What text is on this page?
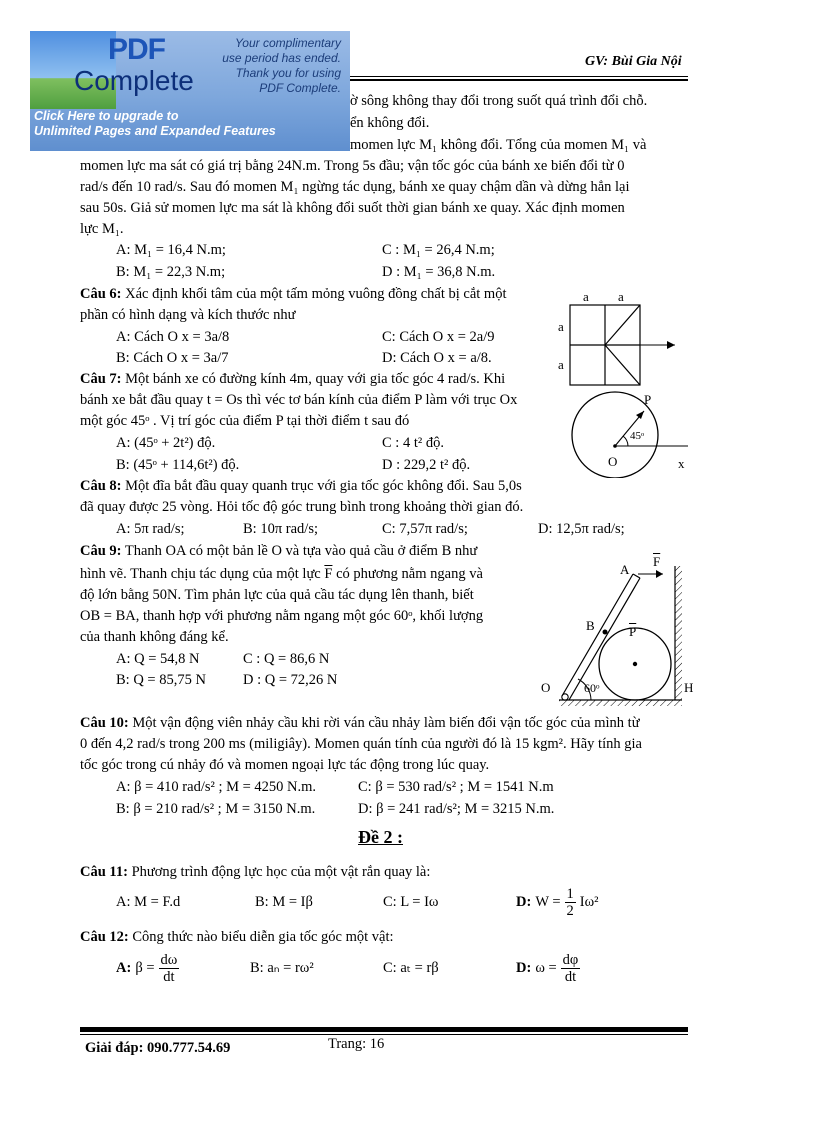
GV: Bùi Gia Nội
PDF
Complete
Your complimentary
use period has ended.
Thank you for using
PDF Complete.
Click Here to upgrade to
Unlimited Pages and Expanded Features
ờ sông không thay đổi trong suốt quá trình đổi chỗ.
ển không đổi.
momen lực M₁ không đổi. Tổng của momen M₁ và
momen lực ma sát có giá trị bằng 24N.m. Trong 5s đầu; vận tốc góc của bánh xe biến đổi từ 0
rad/s đến 10 rad/s. Sau đó momen M₁ ngừng tác dụng, bánh xe quay chậm dần và dừng hẳn lại
sau 50s. Giả sử momen lực ma sát là không đổi suốt thời gian bánh xe quay. Xác định momen
lực M₁.
A: M₁ = 16,4 N.m;	C : M₁ = 26,4 N.m;
B: M₁ = 22,3 N.m;	D : M₁ = 36,8 N.m.
Câu 6: Xác định khối tâm của một tấm mỏng vuông đồng chất bị cắt một
phần có hình dạng và kích thước như
A: Cách O x = 3a/8	C: Cách O x = 2a/9
B: Cách O x = 3a/7	D: Cách O x = a/8.
a a
a
a
Câu 7: Một bánh xe có đường kính 4m, quay với gia tốc góc 4 rad/s. Khi
bánh xe bắt đầu quay t = Os thì véc tơ bán kính của điểm P làm với trục Ox
một góc 45ᵒ . Vị trí góc của điểm P tại thời điểm t sau đó
A: (45ᵒ + 2t²) độ.	C : 4 t² độ.
B: (45ᵒ + 114,6t²) độ.	D : 229,2 t² độ.
P
O	x
45ᵒ
Câu 8: Một đĩa bắt đầu quay quanh trục với gia tốc góc không đổi. Sau 5,0s
đã quay được 25 vòng. Hỏi tốc độ góc trung bình trong khoảng thời gian đó.
A: 5π rad/s;	B: 10π rad/s;	C: 7,57π rad/s;	D: 12,5π rad/s;
Câu 9: Thanh OA có một bản lề O và tựa vào quả cầu ở điểm B như
hình vẽ. Thanh chịu tác dụng của một lực $\overline{F}$ có phương nằm ngang và
độ lớn bằng 50N. Tìm phản lực của quả cầu tác dụng lên thanh, biết
OB = BA, thanh hợp với phương nằm ngang một góc 60ᵒ, khối lượng
của thanh không đáng kể.
A: Q = 54,8 N	C : Q = 86,6 N
B: Q = 85,75 N	D : Q = 72,26 N
A
$\overline{F}$
B	$\overline{P}$
O	60ᵒ	H
Câu 10: Một vận động viên nhảy cầu khi rời ván cầu nhảy làm biến đổi vận tốc góc của mình từ
0 đến 4,2 rad/s trong 200 ms (miligiây). Momen quán tính của người đó là 15 kgm². Hãy tính gia
tốc góc trong cú nhảy đó và momen ngoại lực tác động trong lúc quay.
A: β = 410 rad/s² ; M = 4250 N.m.	C: β = 530 rad/s² ; M = 1541 N.m
B: β = 210 rad/s² ; M = 3150 N.m.	D: β = 241 rad/s²; M = 3215 N.m.
Đề 2 :
Câu 11: Phương trình động lực học của một vật rắn quay là:
A: M = F.d	B: M = Iβ	C: L = Iω	D: $W = \frac{1}{2} I\omega^2$
Câu 12: Công thức nào biểu diễn gia tốc góc một vật:
A: $\beta = \frac{d\omega}{dt}$	B: aₙ = rω²	C: aₜ = rβ	D: $\omega = \frac{d\varphi}{dt}$
Giải đáp: 090.777.54.69	Trang: 16
